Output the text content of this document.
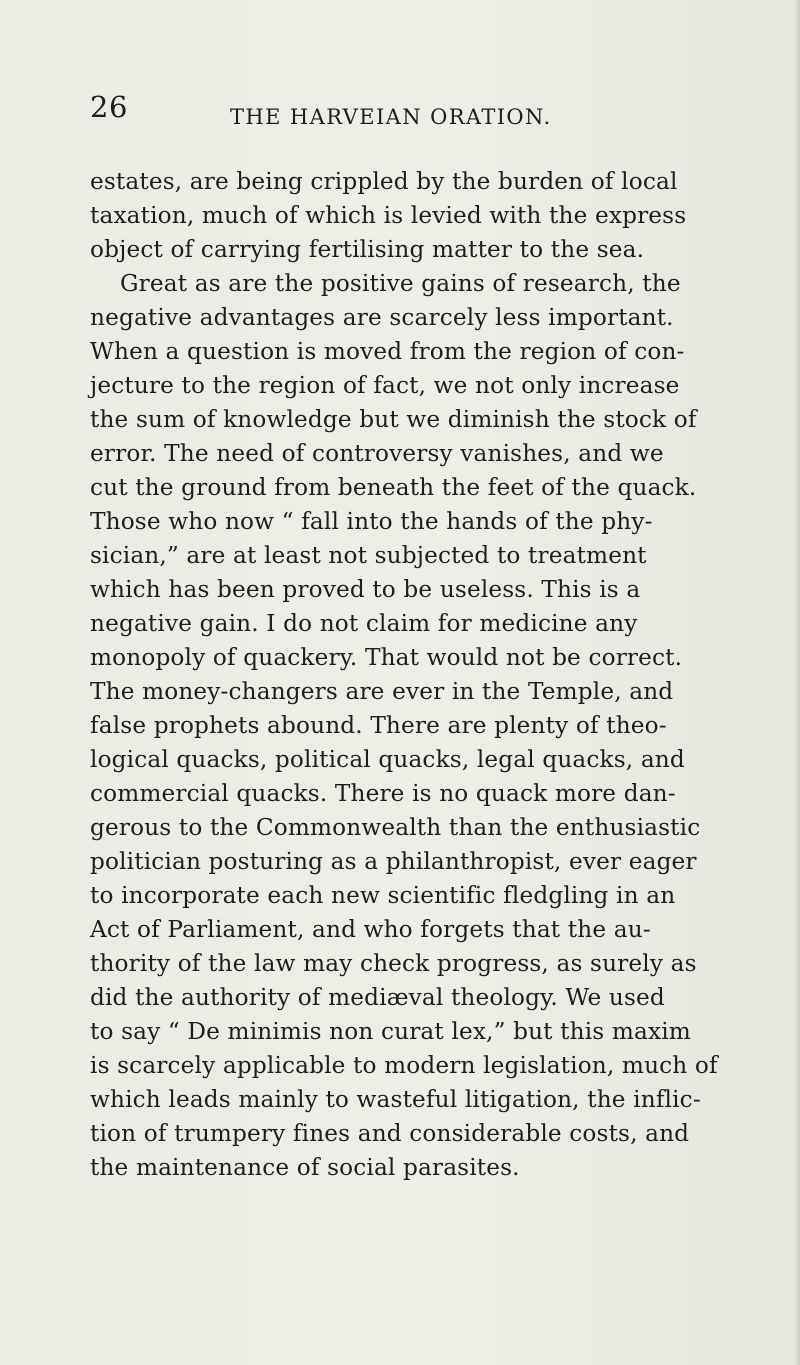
26	THE HARVEIAN ORATION.
estates, are being crippled by the burden of local
taxation, much of which is levied with the express
object of carrying fertilising matter to the sea.
Great as are the positive gains of research, the
negative advantages are scarcely less important.
When a question is moved from the region of con-
jecture to the region of fact, we not only increase
the sum of knowledge but we diminish the stock of
error. The need of controversy vanishes, and we
cut the ground from beneath the feet of the quack.
Those who now “ fall into the hands of the phy-
sician,” are at least not subjected to treatment
which has been proved to be useless. This is a
negative gain. I do not claim for medicine any
monopoly of quackery. That would not be correct.
The money-changers are ever in the Temple, and
false prophets abound. There are plenty of theo-
logical quacks, political quacks, legal quacks, and
commercial quacks. There is no quack more dan-
gerous to the Commonwealth than the enthusiastic
politician posturing as a philanthropist, ever eager
to incorporate each new scientific fledgling in an
Act of Parliament, and who forgets that the au-
thority of the law may check progress, as surely as
did the authority of mediæval theology. We used
to say “ De minimis non curat lex,” but this maxim
is scarcely applicable to modern legislation, much of
which leads mainly to wasteful litigation, the inflic-
tion of trumpery fines and considerable costs, and
the maintenance of social parasites.
